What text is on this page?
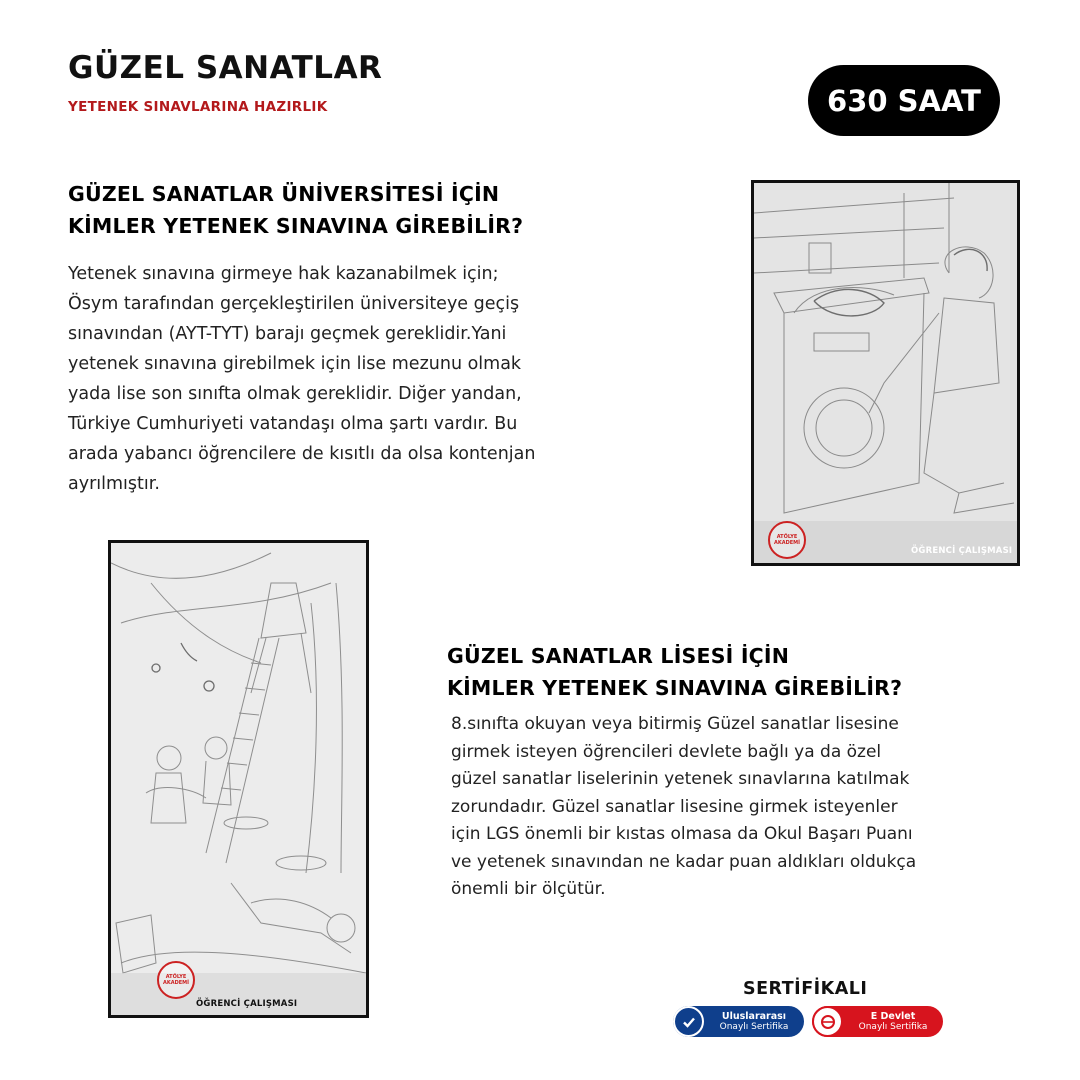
GÜZEL SANATLAR
YETENEK SINAVLARINA HAZIRLIK	630 SAAT
GÜZEL SANATLAR ÜNİVERSİTESİ İÇİN
KİMLER YETENEK SINAVINA GİREBİLİR?
Yetenek sınavına girmeye hak kazanabilmek için;
Ösym tarafından gerçekleştirilen üniversiteye geçiş
sınavından (AYT-TYT) barajı geçmek gereklidir.Yani
yetenek sınavına girebilmek için lise mezunu olmak
yada lise son sınıfta olmak gereklidir. Diğer yandan,
Türkiye Cumhuriyeti vatandaşı olma şartı vardır. Bu
arada yabancı öğrencilere de kısıtlı da olsa kontenjan
ayrılmıştır.
ATÖLYE
AKADEMİ
ÖĞRENCİ ÇALIŞMASI
ATÖLYE
AKADEMİ
ÖĞRENCİ ÇALIŞMASI
GÜZEL SANATLAR LİSESİ İÇİN
KİMLER YETENEK SINAVINA GİREBİLİR?
8.sınıfta okuyan veya bitirmiş Güzel sanatlar lisesine
girmek isteyen öğrencileri devlete bağlı ya da özel
güzel sanatlar liselerinin yetenek sınavlarına katılmak
zorundadır. Güzel sanatlar lisesine girmek isteyenler
için LGS önemli bir kıstas olmasa da Okul Başarı Puanı
ve yetenek sınavından ne kadar puan aldıkları oldukça
önemli bir ölçütür.
SERTİFİKALI
Uluslararası
Onaylı Sertifika
E Devlet
Onaylı Sertifika
